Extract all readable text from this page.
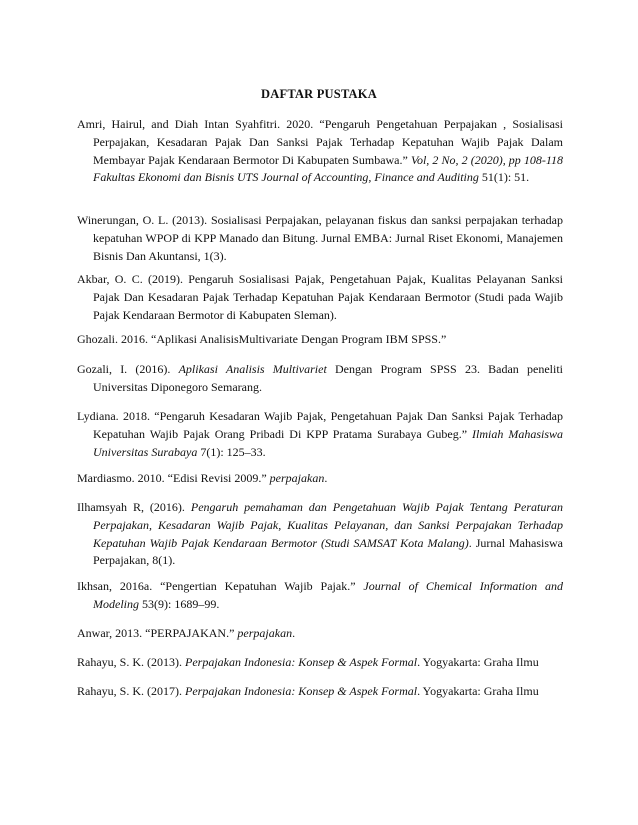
DAFTAR PUSTAKA
Amri, Hairul, and Diah Intan Syahfitri. 2020. “Pengaruh Pengetahuan Perpajakan , Sosialisasi Perpajakan, Kesadaran Pajak Dan Sanksi Pajak Terhadap Kepatuhan Wajib Pajak Dalam Membayar Pajak Kendaraan Bermotor Di Kabupaten Sumbawa.” Vol, 2 No, 2 (2020), pp 108-118 Fakultas Ekonomi dan Bisnis UTS Journal of Accounting, Finance and Auditing 51(1): 51.
Winerungan, O. L. (2013). Sosialisasi Perpajakan, pelayanan fiskus dan sanksi perpajakan terhadap kepatuhan WPOP di KPP Manado dan Bitung. Jurnal EMBA: Jurnal Riset Ekonomi, Manajemen Bisnis Dan Akuntansi, 1(3).
Akbar, O. C. (2019). Pengaruh Sosialisasi Pajak, Pengetahuan Pajak, Kualitas Pelayanan Sanksi Pajak Dan Kesadaran Pajak Terhadap Kepatuhan Pajak Kendaraan Bermotor (Studi pada Wajib Pajak Kendaraan Bermotor di Kabupaten Sleman).
Ghozali. 2016. “Aplikasi AnalisisMultivariate Dengan Program IBM SPSS.”
Gozali, I. (2016). Aplikasi Analisis Multivariet Dengan Program SPSS 23. Badan peneliti Universitas Diponegoro Semarang.
Lydiana. 2018. “Pengaruh Kesadaran Wajib Pajak, Pengetahuan Pajak Dan Sanksi Pajak Terhadap Kepatuhan Wajib Pajak Orang Pribadi Di KPP Pratama Surabaya Gubeg.” Ilmiah Mahasiswa Universitas Surabaya 7(1): 125–33.
Mardiasmo. 2010. “Edisi Revisi 2009.” perpajakan.
Ilhamsyah R, (2016). Pengaruh pemahaman dan Pengetahuan Wajib Pajak Tentang Peraturan Perpajakan, Kesadaran Wajib Pajak, Kualitas Pelayanan, dan Sanksi Perpajakan Terhadap Kepatuhan Wajib Pajak Kendaraan Bermotor (Studi SAMSAT Kota Malang). Jurnal Mahasiswa Perpajakan, 8(1).
Ikhsan, 2016a. “Pengertian Kepatuhan Wajib Pajak.” Journal of Chemical Information and Modeling 53(9): 1689–99.
Anwar, 2013. “PERPAJAKAN.” perpajakan.
Rahayu, S. K. (2013). Perpajakan Indonesia: Konsep & Aspek Formal. Yogyakarta: Graha Ilmu
Rahayu, S. K. (2017). Perpajakan Indonesia: Konsep & Aspek Formal. Yogyakarta: Graha Ilmu
